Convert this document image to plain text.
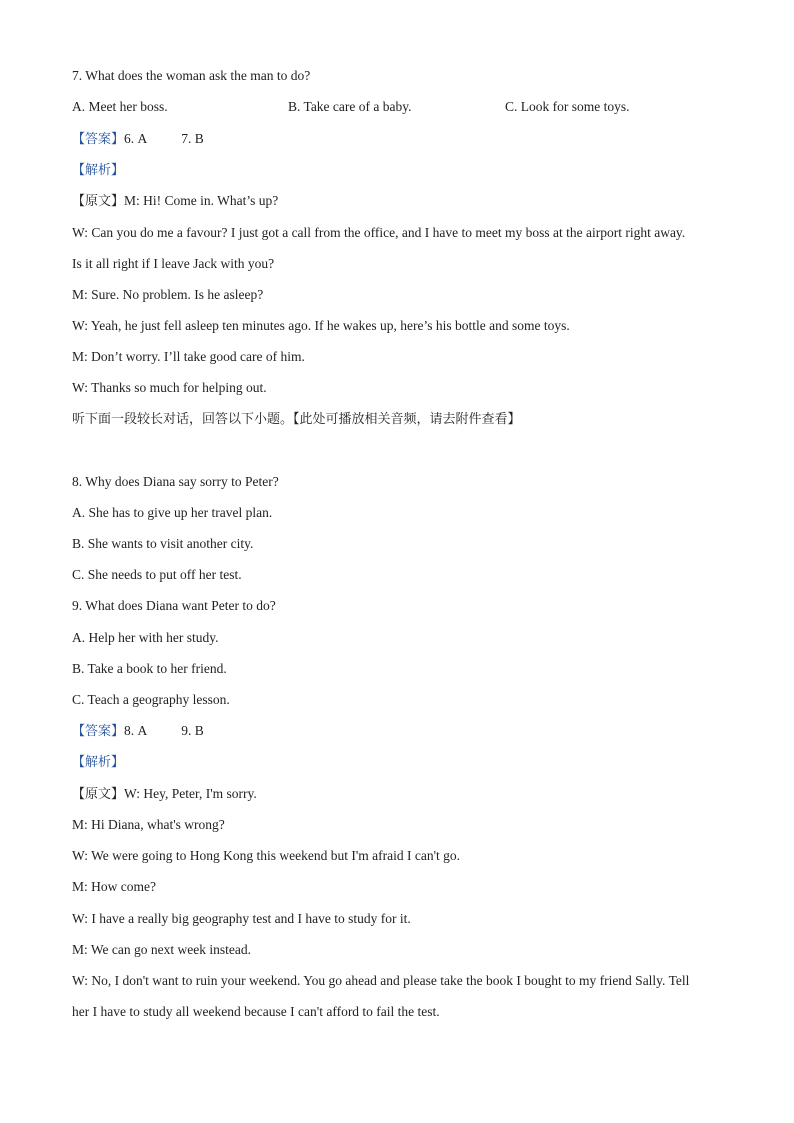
7. What does the woman ask the man to do?
A. Meet her boss.	B. Take care of a baby.	C. Look for some toys.
【答案】6. A	7. B
【解析】
【原文】M: Hi! Come in. What’s up?
W: Can you do me a favour? I just got a call from the office, and I have to meet my boss at the airport right away.
Is it all right if I leave Jack with you?
M: Sure. No problem. Is he asleep?
W: Yeah, he just fell asleep ten minutes ago. If he wakes up, here’s his bottle and some toys.
M: Don’t worry. I’ll take good care of him.
W: Thanks so much for helping out.
听下面一段较长对话，回答以下小题。【此处可播放相关音频，请去附件查看】
8. Why does Diana say sorry to Peter?
A. She has to give up her travel plan.
B. She wants to visit another city.
C. She needs to put off her test.
9. What does Diana want Peter to do?
A. Help her with her study.
B. Take a book to her friend.
C. Teach a geography lesson.
【答案】8. A	9. B
【解析】
【原文】W: Hey, Peter, I'm sorry.
M: Hi Diana, what's wrong?
W: We were going to Hong Kong this weekend but I'm afraid I can't go.
M: How come?
W: I have a really big geography test and I have to study for it.
M: We can go next week instead.
W: No, I don't want to ruin your weekend. You go ahead and please take the book I bought to my friend Sally. Tell
her I have to study all weekend because I can't afford to fail the test.
